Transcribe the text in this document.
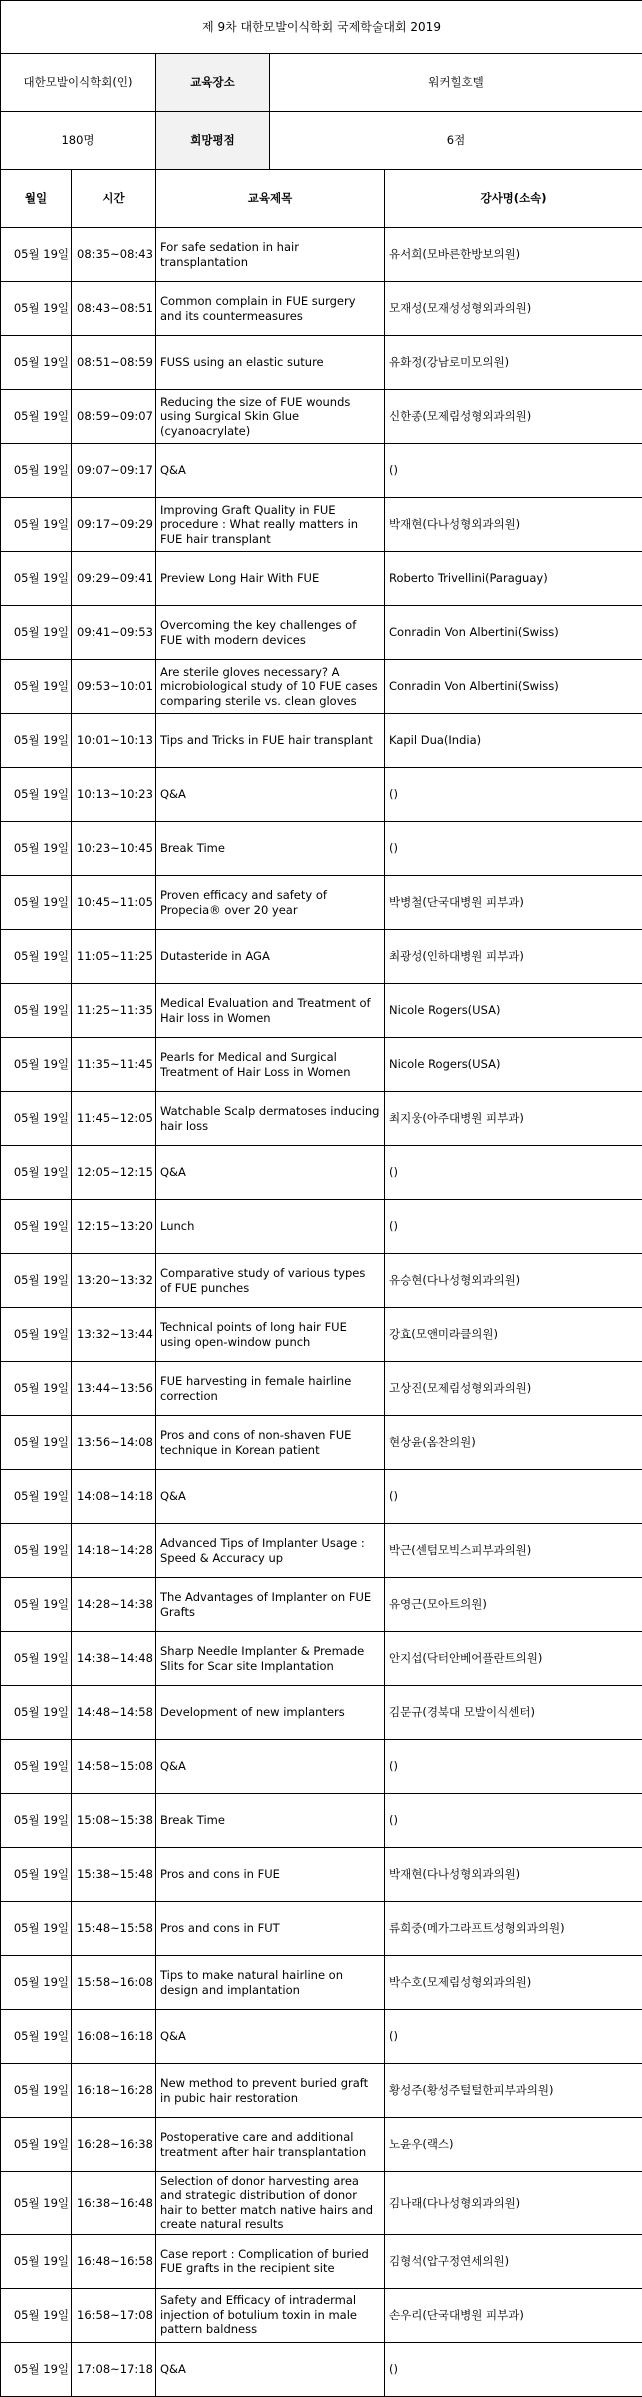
제 9차 대한모발이식학회 국제학술대회 2019				
대한모발이식학회(인)		교육장소	워커힐호텔	
180명		희망평점	6점	
월일	시간	교육제목		강사명(소속)
05월 19일	08:35~08:43	For safe sedation in hair transplantation		유서희(모바른한방보의원)
05월 19일	08:43~08:51	Common complain in FUE surgery and its countermeasures		모재성(모재성성형외과의원)
05월 19일	08:51~08:59	FUSS using an elastic suture		유화정(강남로미모의원)
05월 19일	08:59~09:07	Reducing the size of FUE wounds using Surgical Skin Glue (cyanoacrylate)		신한종(모제림성형외과의원)
05월 19일	09:07~09:17	Q&A		()
05월 19일	09:17~09:29	Improving Graft Quality in FUE procedure : What really matters in FUE hair transplant		박재현(다나성형외과의원)
05월 19일	09:29~09:41	Preview Long Hair With FUE		Roberto Trivellini(Paraguay)
05월 19일	09:41~09:53	Overcoming the key challenges of FUE with modern devices		Conradin Von Albertini(Swiss)
05월 19일	09:53~10:01	Are sterile gloves necessary? A microbiological study of 10 FUE cases comparing sterile vs. clean gloves		Conradin Von Albertini(Swiss)
05월 19일	10:01~10:13	Tips and Tricks in FUE hair transplant		Kapil Dua(India)
05월 19일	10:13~10:23	Q&A		()
05월 19일	10:23~10:45	Break Time		()
05월 19일	10:45~11:05	Proven efficacy and safety of Propecia® over 20 year		박병철(단국대병원 피부과)
05월 19일	11:05~11:25	Dutasteride in AGA		최광성(인하대병원 피부과)
05월 19일	11:25~11:35	Medical Evaluation and Treatment of Hair loss in Women		Nicole Rogers(USA)
05월 19일	11:35~11:45	Pearls for Medical and Surgical Treatment of Hair Loss in Women		Nicole Rogers(USA)
05월 19일	11:45~12:05	Watchable Scalp dermatoses inducing hair loss		최지웅(아주대병원 피부과)
05월 19일	12:05~12:15	Q&A		()
05월 19일	12:15~13:20	Lunch		()
05월 19일	13:20~13:32	Comparative study of various types of FUE punches		유승현(다나성형외과의원)
05월 19일	13:32~13:44	Technical points of long hair FUE using open-window punch		강효(모앤미라클의원)
05월 19일	13:44~13:56	FUE harvesting in female hairline correction		고상진(모제림성형외과의원)
05월 19일	13:56~14:08	Pros and cons of non-shaven FUE technique in Korean patient		현상윤(옴찬의원)
05월 19일	14:08~14:18	Q&A		()
05월 19일	14:18~14:28	Advanced Tips of Implanter Usage : Speed & Accuracy up		박근(센텀모빅스피부과의원)
05월 19일	14:28~14:38	The Advantages of Implanter on FUE Grafts		유영근(모아트의원)
05월 19일	14:38~14:48	Sharp Needle Implanter & Premade Slits for Scar site Implantation		안지섭(닥터안베어플란트의원)
05월 19일	14:48~14:58	Development of new implanters		김문규(경북대 모발이식센터)
05월 19일	14:58~15:08	Q&A		()
05월 19일	15:08~15:38	Break Time		()
05월 19일	15:38~15:48	Pros and cons in FUE		박재현(다나성형외과의원)
05월 19일	15:48~15:58	Pros and cons in FUT		류희중(메가그라프트성형외과의원)
05월 19일	15:58~16:08	Tips to make natural hairline on design and implantation		박수호(모제림성형외과의원)
05월 19일	16:08~16:18	Q&A		()
05월 19일	16:18~16:28	New method to prevent buried graft in pubic hair restoration		황성주(황성주털털한피부과의원)
05월 19일	16:28~16:38	Postoperative care and additional treatment after hair transplantation		노윤우(랙스)
05월 19일	16:38~16:48	Selection of donor harvesting area and strategic distribution of donor hair to better match native hairs and create natural results		김나래(다나성형외과의원)
05월 19일	16:48~16:58	Case report : Complication of buried FUE grafts in the recipient site		김형석(압구정연세의원)
05월 19일	16:58~17:08	Safety and Efficacy of intradermal injection of botulium toxin in male pattern baldness		손우리(단국대병원 피부과)
05월 19일	17:08~17:18	Q&A		()
